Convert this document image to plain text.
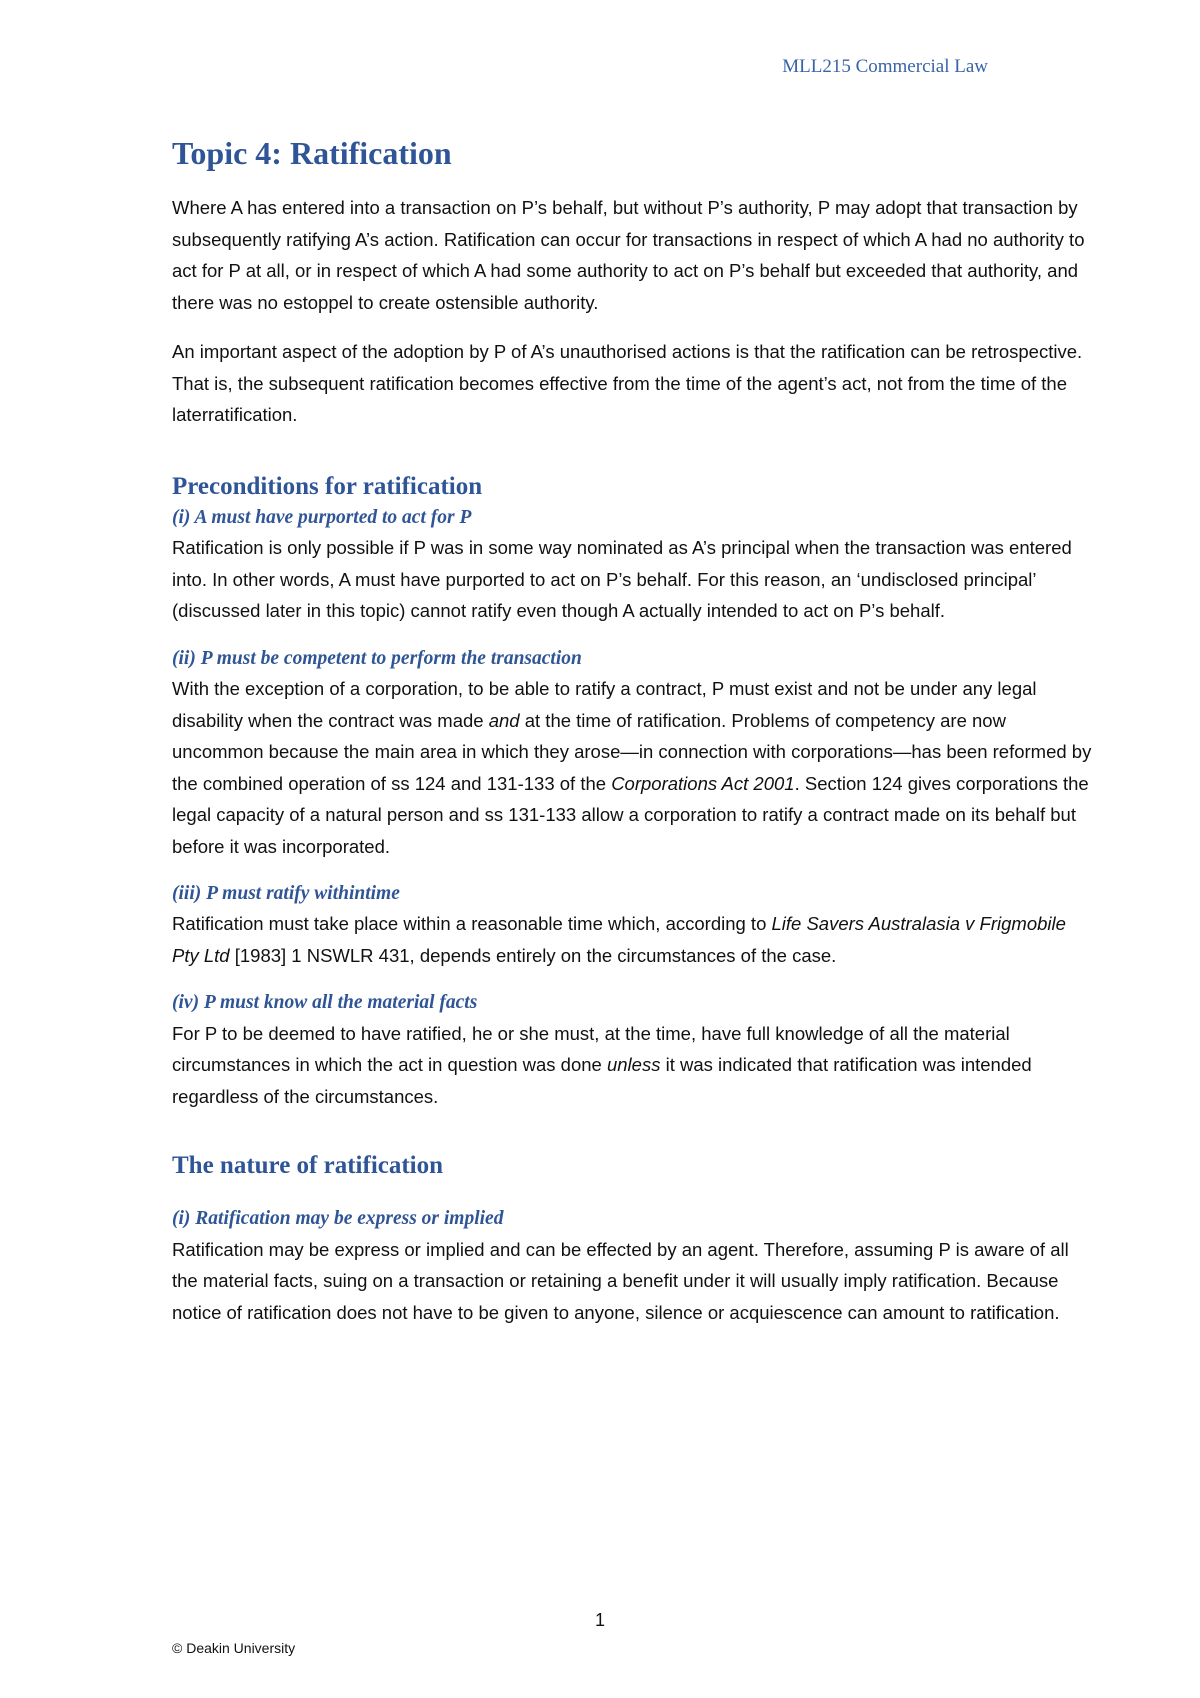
MLL215 Commercial Law
Topic 4: Ratification

Where A has entered into a transaction on P’s behalf, but without P’s authority, P may adopt that transaction by subsequently ratifying A’s action. Ratification can occur for transactions in respect of which A had no authority to act for P at all, or in respect of which A had some authority to act on P’s behalf but exceeded that authority, and there was no estoppel to create ostensible authority.

An important aspect of the adoption by P of A’s unauthorised actions is that the ratification can be retrospective. That is, the subsequent ratification becomes effective from the time of the agent’s act, not from the time of the laterratification.

Preconditions for ratification
(i) A must have purported to act for P

Ratification is only possible if P was in some way nominated as A’s principal when the transaction was entered into. In other words, A must have purported to act on P’s behalf. For this reason, an ‘undisclosed principal’ (discussed later in this topic) cannot ratify even though A actually intended to act on P’s behalf.

(ii) P must be competent to perform the transaction

With the exception of a corporation, to be able to ratify a contract, P must exist and not be under any legal disability when the contract was made and at the time of ratification. Problems of competency are now uncommon because the main area in which they arose—in connection with corporations—has been reformed by the combined operation of ss 124 and 131-133 of the Corporations Act 2001. Section 124 gives corporations the legal capacity of a natural person and ss 131-133 allow a corporation to ratify a contract made on its behalf but before it was incorporated.

(iii) P must ratify withintime

Ratification must take place within a reasonable time which, according to Life Savers Australasia v Frigmobile Pty Ltd [1983] 1 NSWLR 431, depends entirely on the circumstances of the case.

(iv) P must know all the material facts

For P to be deemed to have ratified, he or she must, at the time, have full knowledge of all the material circumstances in which the act in question was done unless it was indicated that ratification was intended regardless of the circumstances.

The nature of ratification
(i) Ratification may be express or implied

Ratification may be express or implied and can be effected by an agent. Therefore, assuming P is aware of all the material facts, suing on a transaction or retaining a benefit under it will usually imply ratification. Because notice of ratification does not have to be given to anyone, silence or acquiescence can amount to ratification.

1
© Deakin University
